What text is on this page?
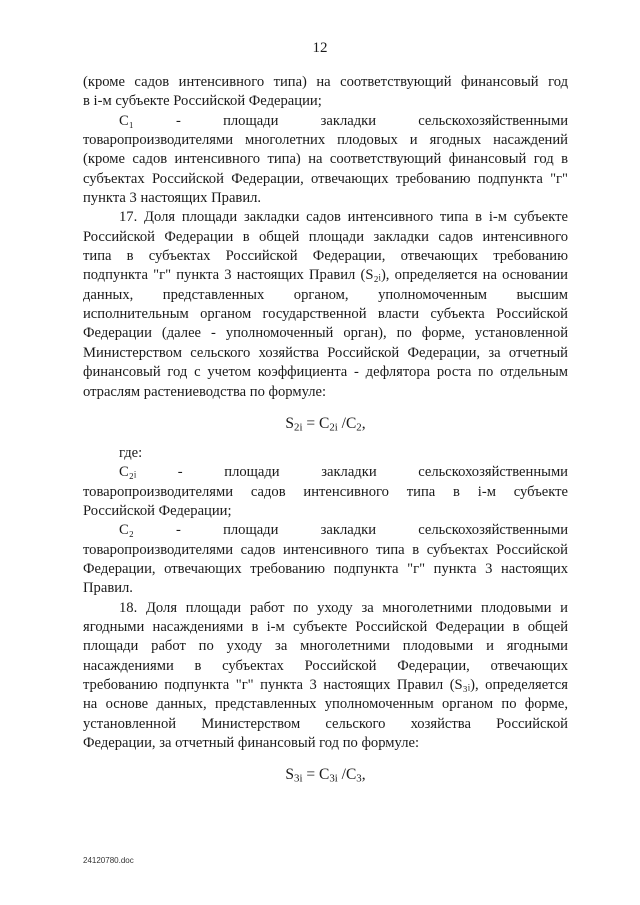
12
(кроме садов интенсивного типа) на соответствующий финансовый год
в i-м субъекте Российской Федерации;
C₁ - площади закладки сельскохозяйственными
товаропроизводителями многолетних плодовых и ягодных насаждений
(кроме садов интенсивного типа) на соответствующий финансовый год в
субъектах Российской Федерации, отвечающих требованию подпункта "г"
пункта 3 настоящих Правил.
17. Доля площади закладки садов интенсивного типа в i-м субъекте
Российской Федерации в общей площади закладки садов интенсивного
типа в субъектах Российской Федерации, отвечающих требованию
подпункта "г" пункта 3 настоящих Правил (S₂ᵢ), определяется на основании
данных, представленных органом, уполномоченным высшим
исполнительным органом государственной власти субъекта Российской
Федерации (далее - уполномоченный орган), по форме, установленной
Министерством сельского хозяйства Российской Федерации, за отчетный
финансовый год с учетом коэффициента - дефлятора роста по отдельным
отраслям растениеводства по формуле:
$S_{2i} = C_{2i}$ $/C_2$,
где:
C₂ᵢ - площади закладки сельскохозяйственными
товаропроизводителями садов интенсивного типа в i-м субъекте
Российской Федерации;
C₂ - площади закладки сельскохозяйственными
товаропроизводителями садов интенсивного типа в субъектах Российской
Федерации, отвечающих требованию подпункта "г" пункта 3 настоящих
Правил.
18. Доля площади работ по уходу за многолетними плодовыми и
ягодными насаждениями в i-м субъекте Российской Федерации в общей
площади работ по уходу за многолетними плодовыми и ягодными
насаждениями в субъектах Российской Федерации, отвечающих
требованию подпункта "г" пункта 3 настоящих Правил (S₃ᵢ), определяется
на основе данных, представленных уполномоченным органом по форме,
установленной Министерством сельского хозяйства Российской
Федерации, за отчетный финансовый год по формуле:
$S_{3i} = C_{3i}$ $/C_3$,
24120780.doc
